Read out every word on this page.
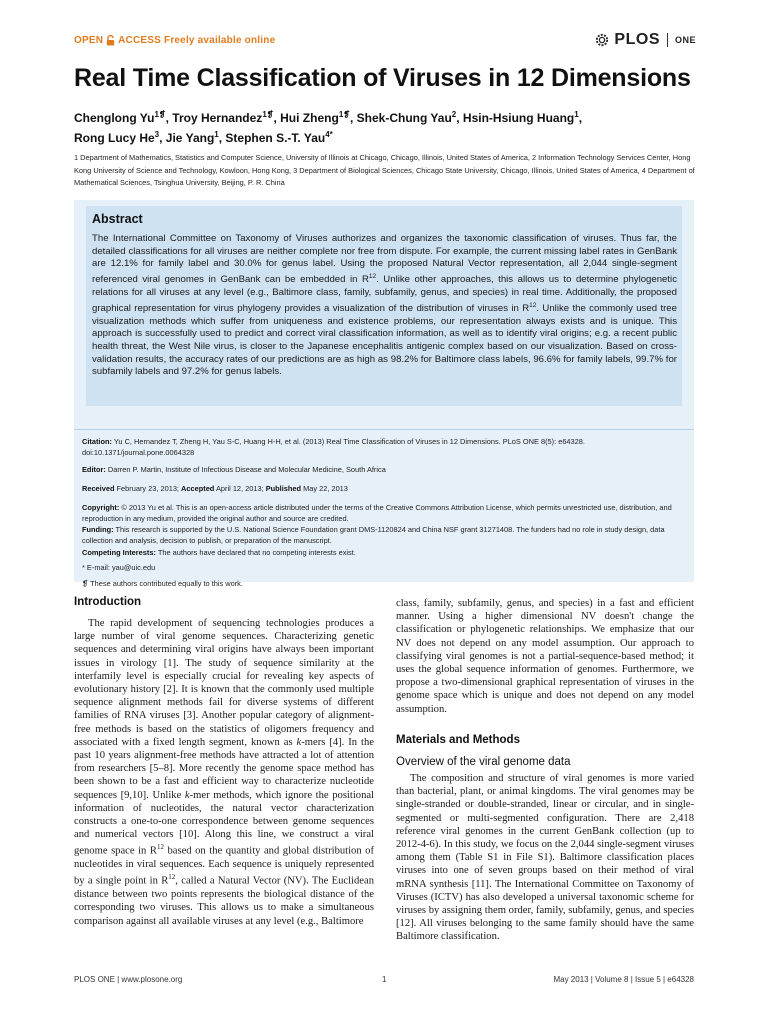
OPEN ACCESS Freely available online	PLOS ONE
Real Time Classification of Viruses in 12 Dimensions
Chenglong $Yu^{1❡}$, Troy Hernandez$^{1❡}$, Hui Zheng$^{1❡}$, Shek-Chung Yau$^2$, Hsin-Hsiung Huang$^1$,
Rong Lucy He$^3$, Jie Yang$^1$, Stephen S.-T. Yau$^{4*}$
1 Department of Mathematics, Statistics and Computer Science, University of Illinois at Chicago, Chicago, Illinois, United States of America, 2 Information Technology Services Center, Hong Kong University of Science and Technology, Kowloon, Hong Kong, 3 Department of Biological Sciences, Chicago State University, Chicago, Illinois, United States of America, 4 Department of Mathematical Sciences, Tsinghua University, Beijing, P. R. China
Abstract
The International Committee on Taxonomy of Viruses authorizes and organizes the taxonomic classification of viruses. Thus far, the detailed classifications for all viruses are neither complete nor free from dispute. For example, the current missing label rates in GenBank are 12.1% for family label and 30.0% for genus label. Using the proposed Natural Vector representation, all 2,044 single-segment referenced viral genomes in GenBank can be embedded in $R^{12}$. Unlike other approaches, this allows us to determine phylogenetic relations for all viruses at any level (e.g., Baltimore class, family, subfamily, genus, and species) in real time. Additionally, the proposed graphical representation for virus phylogeny provides a visualization of the distribution of viruses in $R^{12}$. Unlike the commonly used tree visualization methods which suffer from uniqueness and existence problems, our representation always exists and is unique. This approach is successfully used to predict and correct viral classification information, as well as to identify viral origins; e.g. a recent public health threat, the West Nile virus, is closer to the Japanese encephalitis antigenic complex based on our visualization. Based on cross-validation results, the accuracy rates of our predictions are as high as 98.2% for Baltimore class labels, 96.6% for family labels, 99.7% for subfamily labels and 97.2% for genus labels.
Citation: Yu C, Hernandez T, Zheng H, Yau S-C, Huang H-H, et al. (2013) Real Time Classification of Viruses in 12 Dimensions. PLoS ONE 8(5): e64328. doi:10.1371/journal.pone.0064328
Editor: Darren P. Martin, Institute of Infectious Disease and Molecular Medicine, South Africa
Received February 23, 2013; Accepted April 12, 2013; Published May 22, 2013
Copyright: © 2013 Yu et al. This is an open-access article distributed under the terms of the Creative Commons Attribution License, which permits unrestricted use, distribution, and reproduction in any medium, provided the original author and source are credited.
Funding: This research is supported by the U.S. National Science Foundation grant DMS-1120824 and China NSF grant 31271408. The funders had no role in study design, data collection and analysis, decision to publish, or preparation of the manuscript.
Competing Interests: The authors have declared that no competing interests exist.
Introduction

The rapid development of sequencing technologies produces a large number of viral genome sequences. Characterizing genetic sequences and determining viral origins have always been important issues in virology [1]. The study of sequence similarity at the interfamily level is especially crucial for revealing key aspects of evolutionary history [2]. It is known that the commonly used multiple sequence alignment methods fail for diverse systems of different families of RNA viruses [3]. Another popular category of alignment-free methods is based on the statistics of oligomers frequency and associated with a fixed length segment, known as k-mers [4]. In the past 10 years alignment-free methods have attracted a lot of attention from researchers [5–8]. More recently the genome space method has been shown to be a fast and efficient way to characterize nucleotide sequences [9,10]. Unlike k-mer methods, which ignore the positional information of nucleotides, the natural vector characterization constructs a one-to-one correspondence between genome sequences and numerical vectors [10]. Along this line, we construct a viral genome space in $R^{12}$ based on the quantity and global distribution of nucleotides in viral sequences. Each sequence is uniquely represented by a single point in $R^{12}$, called a Natural Vector (NV). The Euclidean distance between two points represents the biological distance of the corresponding two viruses. This allows us to make a simultaneous comparison against all available viruses at any level (e.g., Baltimore

class, family, subfamily, genus, and species) in a fast and efficient manner. Using a higher dimensional NV doesn't change the classification or phylogenetic relationships. We emphasize that our NV does not depend on any model assumption. Our approach to classifying viral genomes is not a partial-sequence-based method; it uses the global sequence information of genomes. Furthermore, we propose a two-dimensional graphical representation of viruses in the genome space which is unique and does not depend on any model assumption.

Materials and Methods
Overview of the viral genome data

The composition and structure of viral genomes is more varied than bacterial, plant, or animal kingdoms. The viral genomes may be single-stranded or double-stranded, linear or circular, and in single-segmented or multi-segmented configuration. There are 2,418 reference viral genomes in the current GenBank collection (up to 2012-4-6). In this study, we focus on the 2,044 single-segment viruses among them (Table S1 in File S1). Baltimore classification places viruses into one of seven groups based on their method of viral mRNA synthesis [11]. The International Committee on Taxonomy of Viruses (ICTV) has also developed a universal taxonomic scheme for viruses by assigning them order, family, subfamily, genus, and species [12]. All viruses belonging to the same family should have the same Baltimore classification.

PLOS ONE | www.plosone.org	1	May 2013 | Volume 8 | Issue 5 | e64328
* E-mail: yau@uic.edu
❡ These authors contributed equally to this work.
